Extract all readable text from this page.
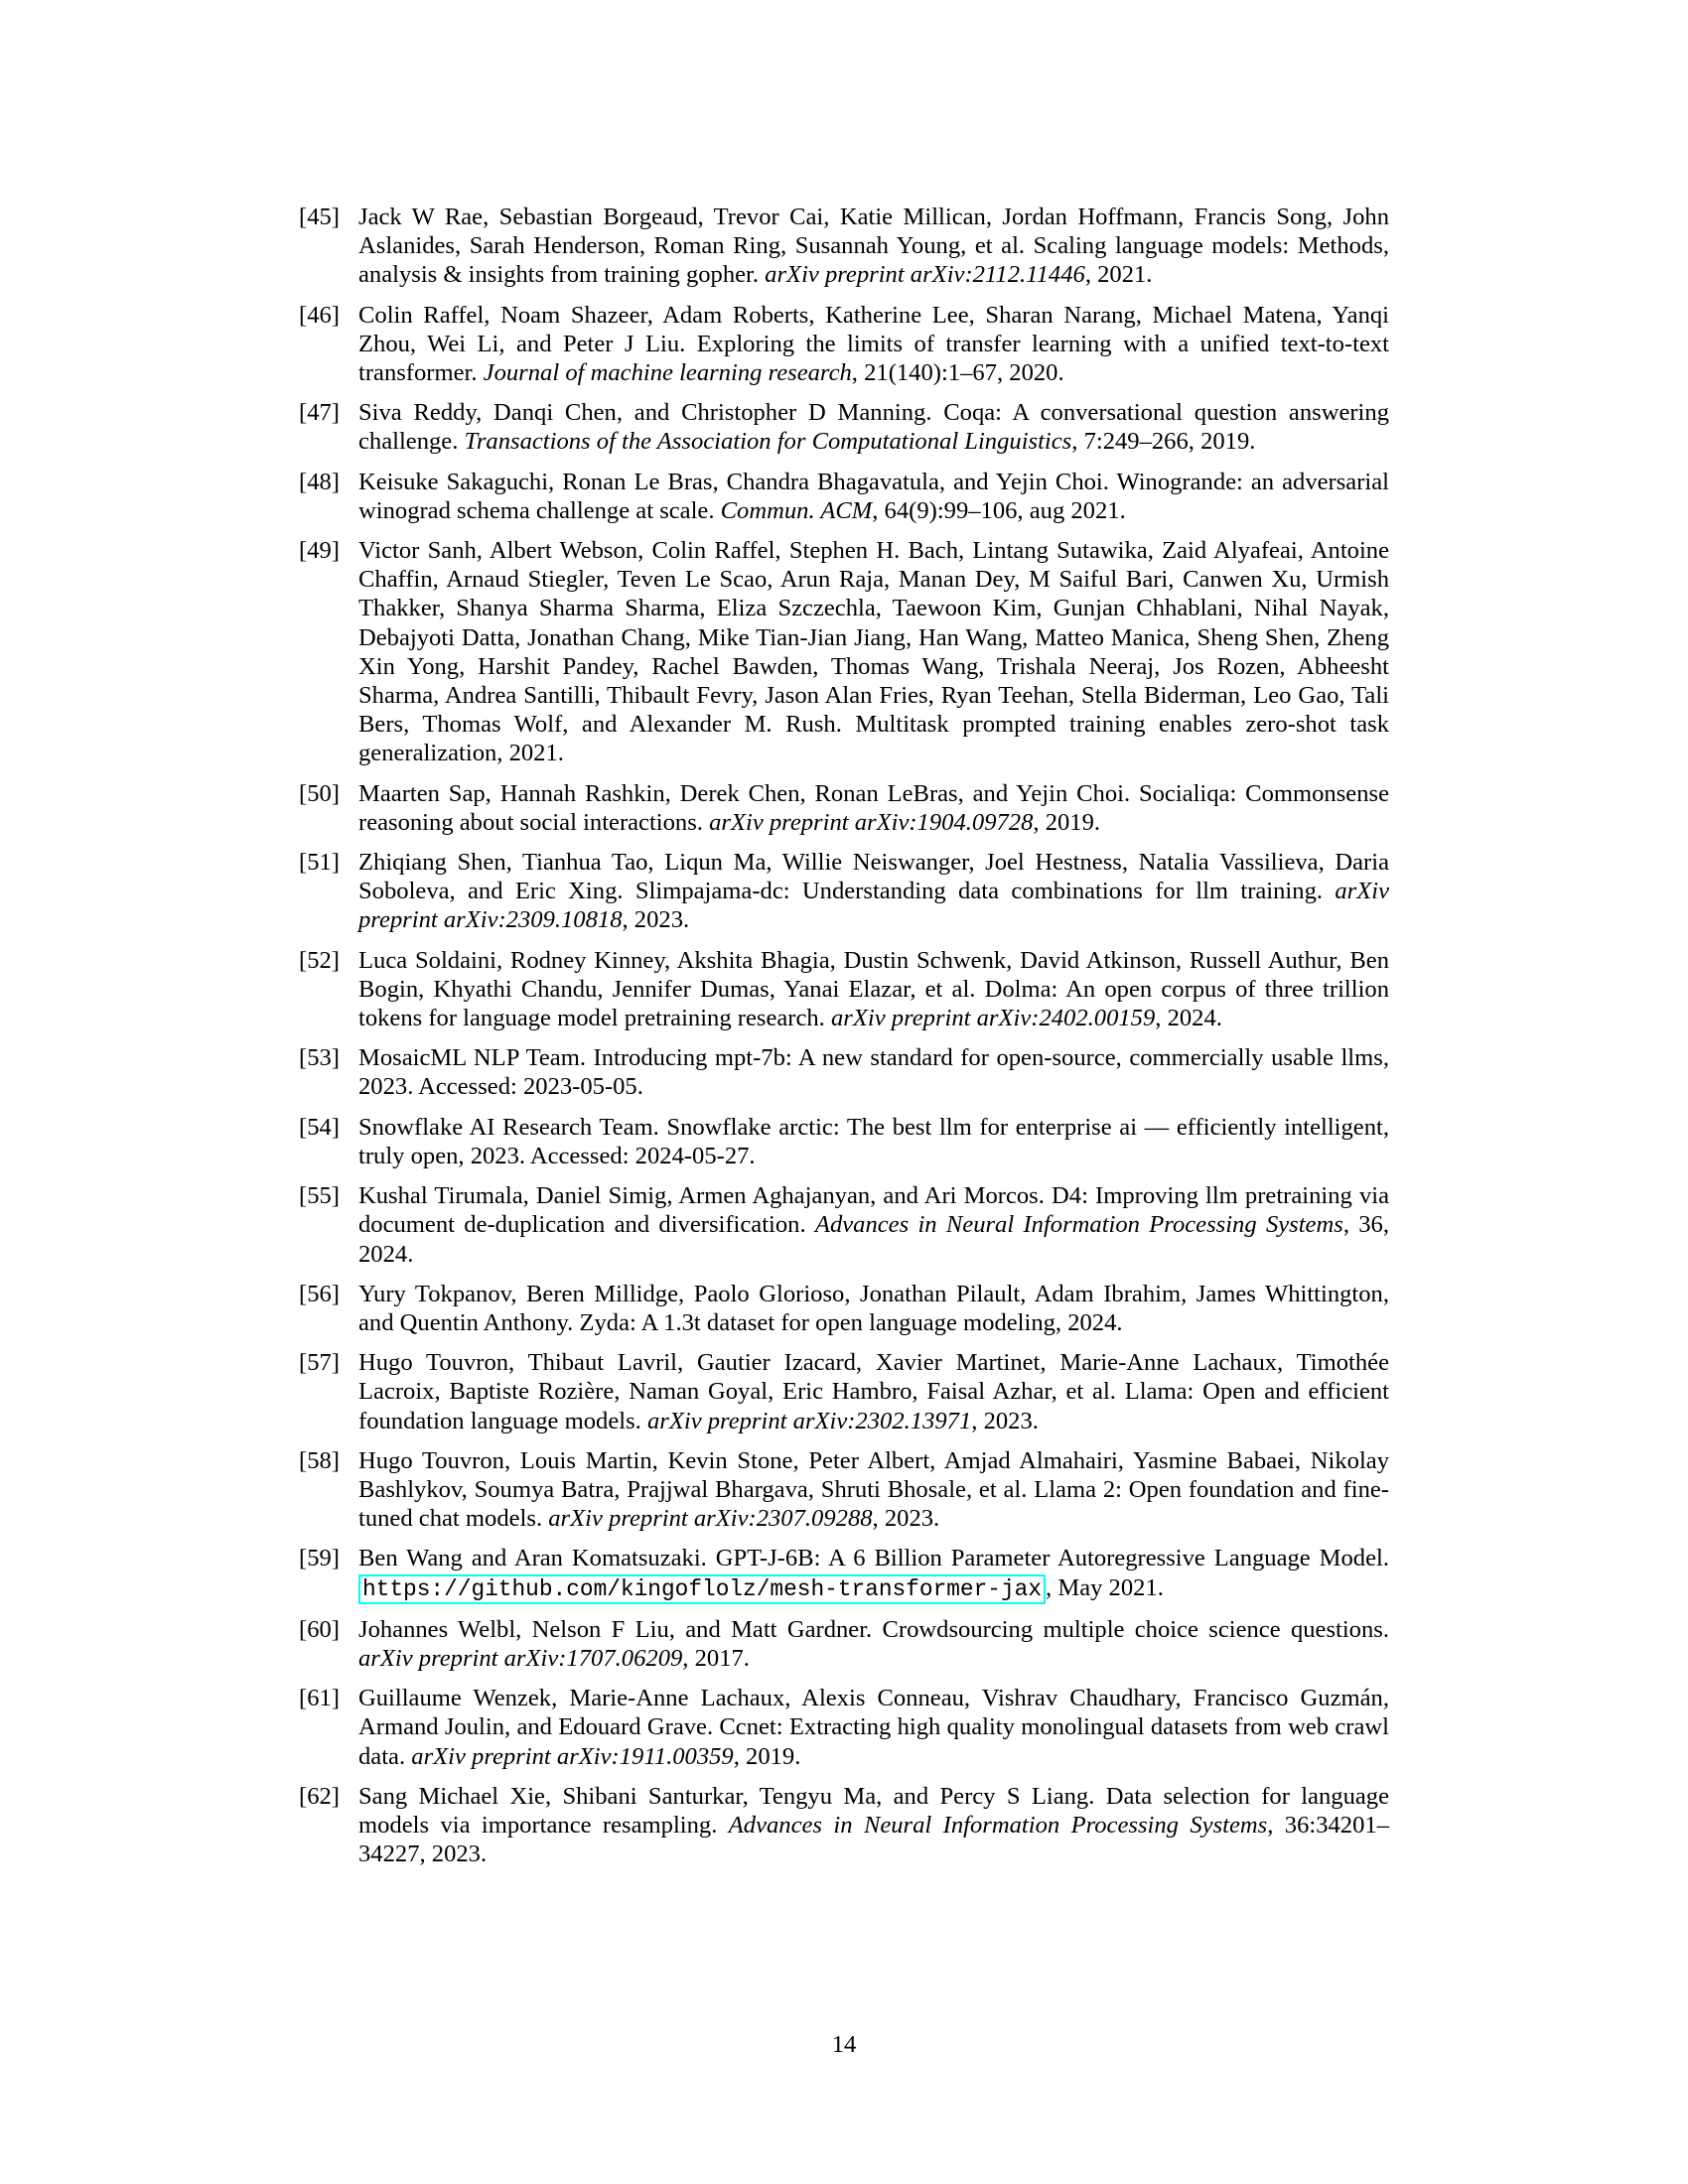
[45] Jack W Rae, Sebastian Borgeaud, Trevor Cai, Katie Millican, Jordan Hoffmann, Francis Song, John Aslanides, Sarah Henderson, Roman Ring, Susannah Young, et al. Scaling language models: Methods, analysis & insights from training gopher. arXiv preprint arXiv:2112.11446, 2021.
[46] Colin Raffel, Noam Shazeer, Adam Roberts, Katherine Lee, Sharan Narang, Michael Matena, Yanqi Zhou, Wei Li, and Peter J Liu. Exploring the limits of transfer learning with a unified text-to-text transformer. Journal of machine learning research, 21(140):1–67, 2020.
[47] Siva Reddy, Danqi Chen, and Christopher D Manning. Coqa: A conversational question answering challenge. Transactions of the Association for Computational Linguistics, 7:249–266, 2019.
[48] Keisuke Sakaguchi, Ronan Le Bras, Chandra Bhagavatula, and Yejin Choi. Winogrande: an adversarial winograd schema challenge at scale. Commun. ACM, 64(9):99–106, aug 2021.
[49] Victor Sanh, Albert Webson, Colin Raffel, Stephen H. Bach, Lintang Sutawika, Zaid Alyafeai, Antoine Chaffin, Arnaud Stiegler, Teven Le Scao, Arun Raja, Manan Dey, M Saiful Bari, Canwen Xu, Urmish Thakker, Shanya Sharma Sharma, Eliza Szczechla, Taewoon Kim, Gunjan Chhablani, Nihal Nayak, Debajyoti Datta, Jonathan Chang, Mike Tian-Jian Jiang, Han Wang, Matteo Manica, Sheng Shen, Zheng Xin Yong, Harshit Pandey, Rachel Bawden, Thomas Wang, Trishala Neeraj, Jos Rozen, Abheesht Sharma, Andrea Santilli, Thibault Fevry, Jason Alan Fries, Ryan Teehan, Stella Biderman, Leo Gao, Tali Bers, Thomas Wolf, and Alexander M. Rush. Multitask prompted training enables zero-shot task generalization, 2021.
[50] Maarten Sap, Hannah Rashkin, Derek Chen, Ronan LeBras, and Yejin Choi. Socialiqa: Commonsense reasoning about social interactions. arXiv preprint arXiv:1904.09728, 2019.
[51] Zhiqiang Shen, Tianhua Tao, Liqun Ma, Willie Neiswanger, Joel Hestness, Natalia Vassilieva, Daria Soboleva, and Eric Xing. Slimpajama-dc: Understanding data combinations for llm training. arXiv preprint arXiv:2309.10818, 2023.
[52] Luca Soldaini, Rodney Kinney, Akshita Bhagia, Dustin Schwenk, David Atkinson, Russell Authur, Ben Bogin, Khyathi Chandu, Jennifer Dumas, Yanai Elazar, et al. Dolma: An open corpus of three trillion tokens for language model pretraining research. arXiv preprint arXiv:2402.00159, 2024.
[53] MosaicML NLP Team. Introducing mpt-7b: A new standard for open-source, commercially usable llms, 2023. Accessed: 2023-05-05.
[54] Snowflake AI Research Team. Snowflake arctic: The best llm for enterprise ai — efficiently intelligent, truly open, 2023. Accessed: 2024-05-27.
[55] Kushal Tirumala, Daniel Simig, Armen Aghajanyan, and Ari Morcos. D4: Improving llm pretraining via document de-duplication and diversification. Advances in Neural Information Processing Systems, 36, 2024.
[56] Yury Tokpanov, Beren Millidge, Paolo Glorioso, Jonathan Pilault, Adam Ibrahim, James Whittington, and Quentin Anthony. Zyda: A 1.3t dataset for open language modeling, 2024.
[57] Hugo Touvron, Thibaut Lavril, Gautier Izacard, Xavier Martinet, Marie-Anne Lachaux, Timothée Lacroix, Baptiste Rozière, Naman Goyal, Eric Hambro, Faisal Azhar, et al. Llama: Open and efficient foundation language models. arXiv preprint arXiv:2302.13971, 2023.
[58] Hugo Touvron, Louis Martin, Kevin Stone, Peter Albert, Amjad Almahairi, Yasmine Babaei, Nikolay Bashlykov, Soumya Batra, Prajjwal Bhargava, Shruti Bhosale, et al. Llama 2: Open foundation and fine-tuned chat models. arXiv preprint arXiv:2307.09288, 2023.
[59] Ben Wang and Aran Komatsuzaki. GPT-J-6B: A 6 Billion Parameter Autoregressive Language Model. https://github.com/kingoflolz/mesh-transformer-jax , May 2021.
[60] Johannes Welbl, Nelson F Liu, and Matt Gardner. Crowdsourcing multiple choice science questions. arXiv preprint arXiv:1707.06209, 2017.
[61] Guillaume Wenzek, Marie-Anne Lachaux, Alexis Conneau, Vishrav Chaudhary, Francisco Guzmán, Armand Joulin, and Edouard Grave. Ccnet: Extracting high quality monolingual datasets from web crawl data. arXiv preprint arXiv:1911.00359, 2019.
[62] Sang Michael Xie, Shibani Santurkar, Tengyu Ma, and Percy S Liang. Data selection for language models via importance resampling. Advances in Neural Information Processing Systems, 36:34201–34227, 2023.
14
